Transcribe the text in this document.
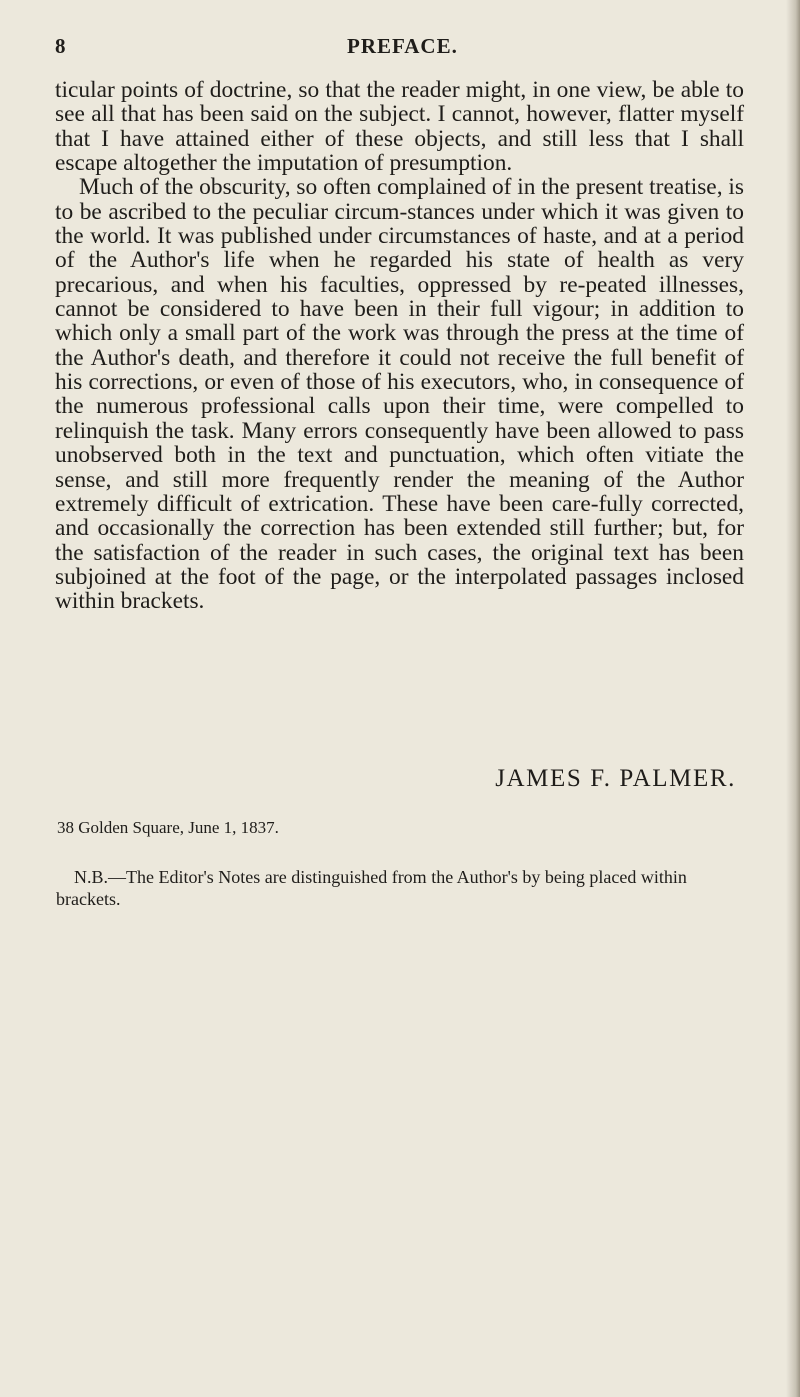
8	PREFACE.

ticular points of doctrine, so that the reader might, in one view, be able to see all that has been said on the subject. I cannot, however, flatter myself that I have attained either of these objects, and still less that I shall escape altogether the imputation of presumption.

Much of the obscurity, so often complained of in the present treatise, is to be ascribed to the peculiar circum-stances under which it was given to the world. It was published under circumstances of haste, and at a period of the Author's life when he regarded his state of health as very precarious, and when his faculties, oppressed by re-peated illnesses, cannot be considered to have been in their full vigour; in addition to which only a small part of the work was through the press at the time of the Author's death, and therefore it could not receive the full benefit of his corrections, or even of those of his executors, who, in consequence of the numerous professional calls upon their time, were compelled to relinquish the task. Many errors consequently have been allowed to pass unobserved both in the text and punctuation, which often vitiate the sense, and still more frequently render the meaning of the Author extremely difficult of extrication. These have been care-fully corrected, and occasionally the correction has been extended still further; but, for the satisfaction of the reader in such cases, the original text has been subjoined at the foot of the page, or the interpolated passages inclosed within brackets.

JAMES F. PALMER.
38 Golden Square, June 1, 1837.

N.B.—The Editor's Notes are distinguished from the Author's by being placed within brackets.
